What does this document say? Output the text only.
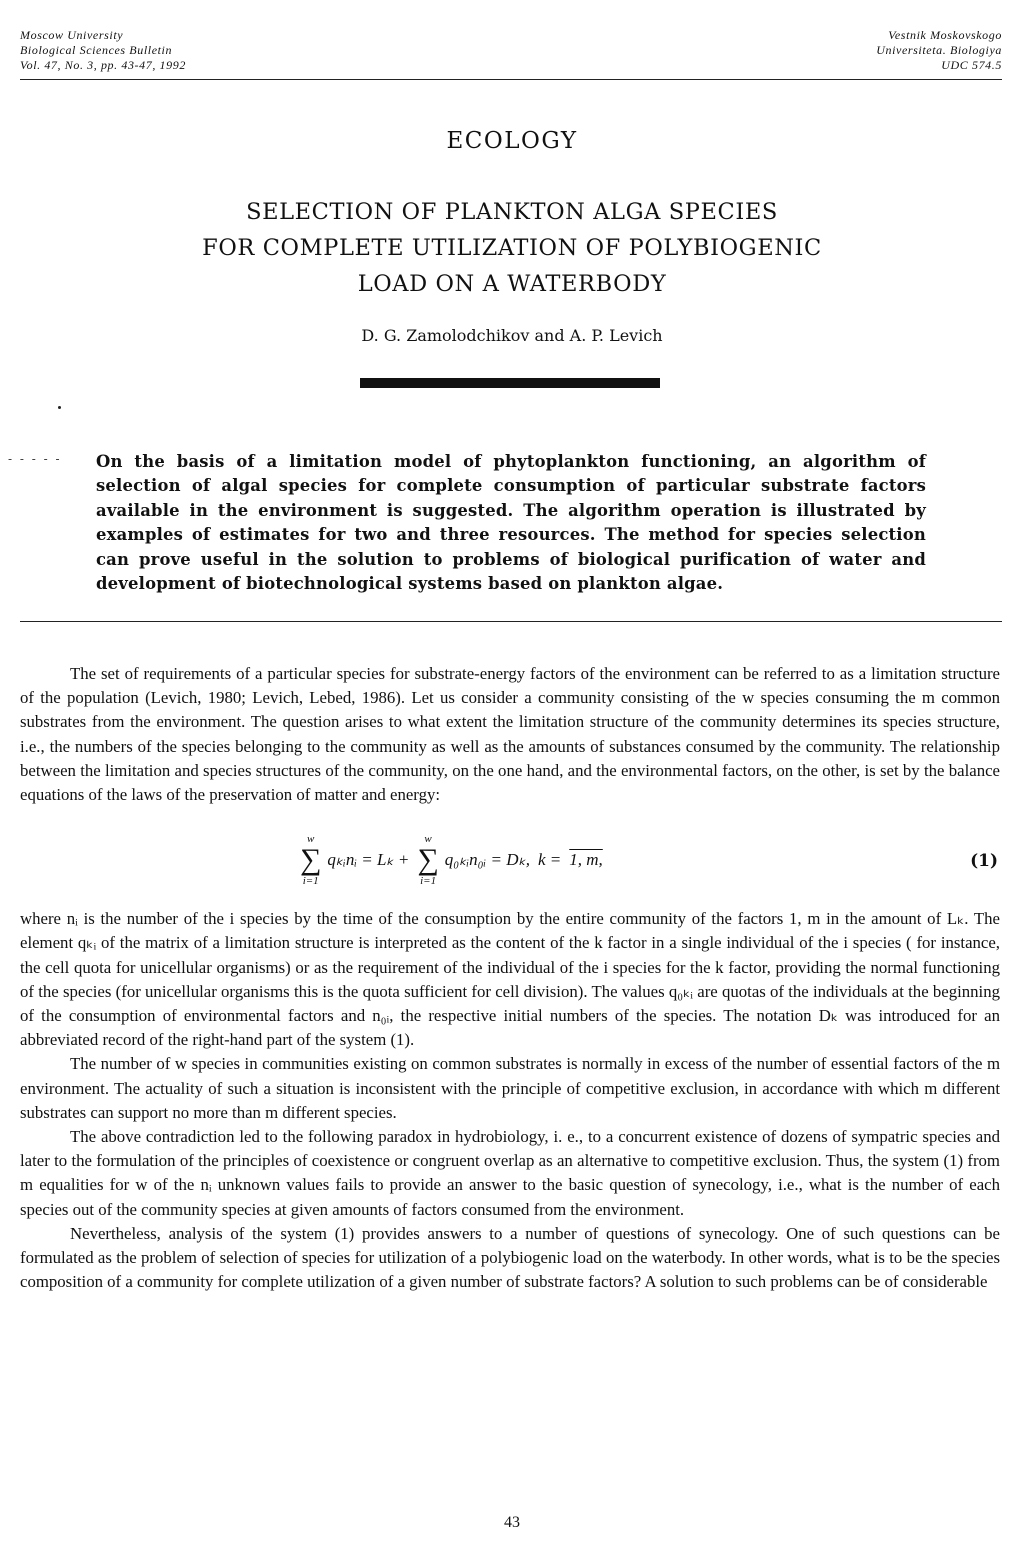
Moscow University
Biological Sciences Bulletin
Vol. 47, No. 3, pp. 43-47, 1992
Vestnik Moskovskogo
Universiteta. Biologiya
UDC 574.5
ECOLOGY
SELECTION OF PLANKTON ALGA SPECIES
FOR COMPLETE UTILIZATION OF POLYBIOGENIC
LOAD ON A WATERBODY
D. G. Zamolodchikov and A. P. Levich
- - - - - On the basis of a limitation model of phytoplankton functioning, an algorithm of selection of algal species for complete consumption of particular substrate factors available in the environment is suggested. The algorithm operation is illustrated by examples of estimates for two and three resources. The method for species selection can prove useful in the solution to problems of biological purification of water and development of biotechnological systems based on plankton algae.

The set of requirements of a particular species for substrate-energy factors of the environment can be referred to as a limitation structure of the population (Levich, 1980; Levich, Lebed, 1986). Let us consider a community consisting of the w species consuming the m common substrates from the environment. The question arises to what extent the limitation structure of the community determines its species structure, i.e., the numbers of the species belonging to the community as well as the amounts of substances consumed by the community. The relationship between the limitation and species structures of the community, on the one hand, and the environmental factors, on the other, is set by the balance equations of the laws of the preservation of matter and energy:

w
∑
i=1
qₖᵢnᵢ = Lₖ +
w
∑
i=1
q₀ₖᵢn₀ᵢ = Dₖ, k = 1, m,	(1)

where nᵢ is the number of the i species by the time of the consumption by the entire community of the factors 1, m in the amount of Lₖ. The element qₖᵢ of the matrix of a limitation structure is interpreted as the content of the k factor in a single individual of the i species ( for instance, the cell quota for unicellular organisms) or as the requirement of the individual of the i species for the k factor, providing the normal functioning of the species (for unicellular organisms this is the quota sufficient for cell division). The values q₀ₖᵢ are quotas of the individuals at the beginning of the consumption of environmental factors and n₀ᵢ, the respective initial numbers of the species. The notation Dₖ was introduced for an abbreviated record of the right-hand part of the system (1).

The number of w species in communities existing on common substrates is normally in excess of the number of essential factors of the m environment. The actuality of such a situation is inconsistent with the principle of competitive exclusion, in accordance with which m different substrates can support no more than m different species.

The above contradiction led to the following paradox in hydrobiology, i. e., to a concurrent existence of dozens of sympatric species and later to the formulation of the principles of coexistence or congruent overlap as an alternative to competitive exclusion. Thus, the system (1) from m equalities for w of the nᵢ unknown values fails to provide an answer to the basic question of synecology, i.e., what is the number of each species out of the community species at given amounts of factors consumed from the environment.

Nevertheless, analysis of the system (1) provides answers to a number of questions of synecology. One of such questions can be formulated as the problem of selection of species for utilization of a polybiogenic load on the waterbody. In other words, what is to be the species composition of a community for complete utilization of a given number of substrate factors? A solution to such problems can be of considerable

43
